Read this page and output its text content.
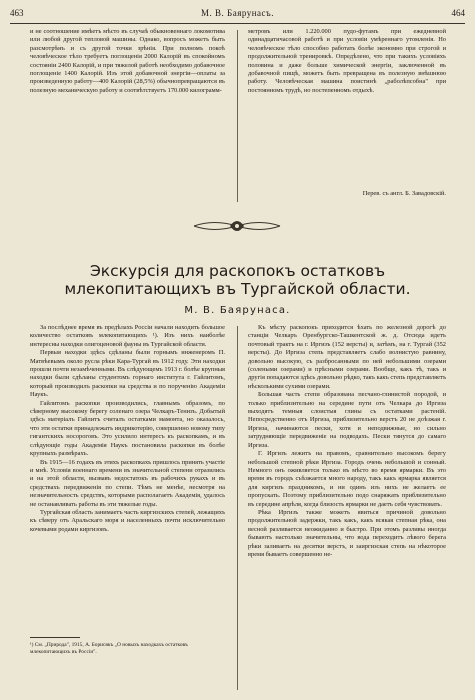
463	М. В. Баярунасъ.	464

и не соотношение имѣетъ мѣсто въ случаѣ обыкновеннаго локомотива или любой другой тепловой машины. Однако, вопросъ можетъ быть разсмотрѣнъ и съ другой точки зрѣнія. При полномъ покоѣ человѣческое тѣло требуетъ поглощенія 2000 Калорій въ спокойномъ состояніи 2400 Калорій, и при тяжелой работѣ необходимо добавочное поглощеніе 1400 Калорій. Изъ этой добавочной энергіи—оплаты за произведенную работу—400 Калорій (28,5%) обычнопревращаются въ полезную механическую работу и соотвѣтствуетъ 170.000 килограмм-

метровъ или 1.220.000 пудо-футамъ при ежедневной одинадцатичасовой работѣ и при условіи умѣреннаго утомленія. Но человѣческое тѣло способно работать болѣе экономно при строгой и продолжительной тренировкѣ. Опредѣлено, что при такихъ условіяхъ половина и даже больше химической энергіи, заключенной въ добавочной пищѣ, можетъ быть превращена въ полезную внѣшнюю работу. Человѣческая машина поистинѣ „раболѣпсобна" при постоянномъ трудѣ, но постепенномъ отдыхѣ.

Перев. съ англ. Б. Завадовскій.
Экскурсія для раскопокъ остатковъ млекопитающихъ въ Тургайской области.
М. В. Баярунаса.

За послѣднее время въ предѣлахъ Россіи начали находить большое количество остатковъ млекопитающихъ ¹). Изъ нихъ наиболѣе интересны находки олигоценовой фауны въ Тургайской области.

Первыя находки здѣсь сдѣланы были горнымъ инженеромъ П. Матвѣевымъ около русла рѣки Кара-Тургай въ 1912 году. Эти находки прошли почти незамѣченными. Въ слѣдующемъ 1913 г. болѣе крупныя находки были сдѣланы студентомъ горнаго института г. Гайлитомъ, который производилъ раскопки на средства и по порученію Академіи Наукъ.

Гайлитомъ раскопки производились, главнымъ образомъ, по сѣверному высокому берегу соленаго озера Челкаръ-Тенизъ. Добытый здѣсь матеріалъ Гайлитъ считалъ остатками мамонта, но оказалось, что эти остатки принадлежатъ индрикотерію, совершенно новому типу гигантскихъ носороговъ. Это усилило интересъ къ раскопкамъ, и въ слѣдующіе годы Академія Наукъ постановила раскопки въ болѣе крупныхъ размѣрахъ.

Въ 1915—16 годахъ въ этихъ раскопкахъ пришлось принять участіе и мнѣ. Условія военнаго времени въ значительной степени отразились и на этой области, вызвавъ недостатокъ въ рабочихъ рукахъ и въ средствахъ передвиженія по степи. Тѣмъ не менѣе, несмотря на незначительность средствъ, которыми располагаетъ Академія, удалось не останавливать работы въ эти тяжелые годы.

Тургайская область занимаетъ часть киргизскихъ степей, лежащихъ къ сѣверу отъ Аральскаго моря и населенныхъ почти исключительно кочевыми родами киргизовъ.

Къ мѣсту раскопокъ приходится ѣхать по железной дорогѣ до станціи Челкаръ Оренбургско-Ташкентской ж. д. Отсюда идетъ почтовый трактъ на г. Иргизъ (152 версты) и, затѣмъ, на г. Тургай (352 версты). До Иргиза степь представляетъ слабо волнистую равнину, довольно высокую, съ разбросанными по ней небольшими озерами (солеными озерами) и прѣсными озерами. Вообще, какъ тѣ, такъ и другія попадаются здѣсь довольно рѣдко, такъ какъ степь представляетъ нѣсколькими сухими озерами.

Большая часть степи образована песчано-глинистой породой, и только приблизительно на середине пути отъ Челкара до Иргиза выходятъ темныя слоистыя глины съ остатками растеній. Непосредственно отъ Иргиза, приблизительно верстъ 20 не доѣзжая г. Иргиза, начинаются пески, хотя и неподвижные, но сильно затрудняющіе передвиженіе на подводахъ. Пески тянутся до самаго Иргиза.

Г. Иргизъ лежитъ на правомъ, сравнительно высокомъ берегу небольшой степной рѣки Иргиза. Городъ очень небольшой и сонный. Немного онъ оживляется только въ мѣсто во время ярмарки. Въ это время въ городъ съѣзжается много народу, такъ какъ ярмарка является для киргизъ праздникомъ, и ни одинъ изъ нихъ не желаетъ ее пропускать. Поэтому приблизительно подо снаряжать приблизительно въ середине апрѣля, когда близость ярмарки не даетъ себя чувствовать.

Рѣка Иргизъ также можетъ явиться причиной довольно продолжительной задержки, такъ какъ, какъ всякая степная рѣка, она весной разливается неожиданно и быстро. При этомъ разливы иногда бываютъ настолько значительны, что вода переходитъ лѣвого берега рѣки заливаетъ на десятки верстъ, и заиргизская степь на нѣкоторое время бываетъ совершенно не-

¹) См. „Природа", 1915, А. Борисякъ „О новыхъ находкахъ остатковъ млекопитающихъ въ Россіи".
